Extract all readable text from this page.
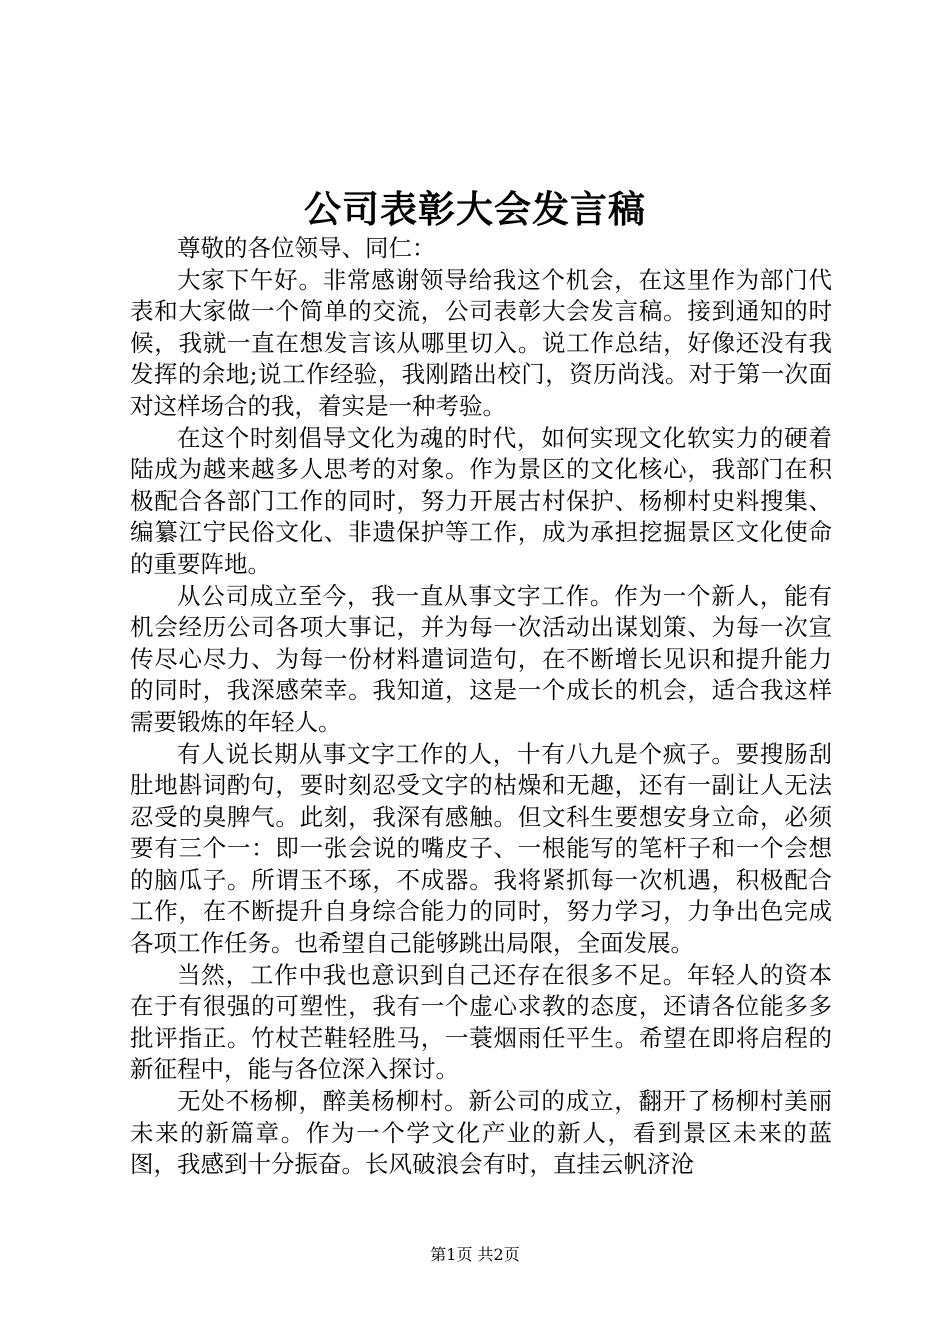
公司表彰大会发言稿

尊敬的各位领导、同仁：

大家下午好。非常感谢领导给我这个机会，在这里作为部门代表和大家做一个简单的交流，公司表彰大会发言稿。接到通知的时候，我就一直在想发言该从哪里切入。说工作总结，好像还没有我发挥的余地;说工作经验，我刚踏出校门，资历尚浅。对于第一次面对这样场合的我，着实是一种考验。

在这个时刻倡导文化为魂的时代，如何实现文化软实力的硬着陆成为越来越多人思考的对象。作为景区的文化核心，我部门在积极配合各部门工作的同时，努力开展古村保护、杨柳村史料搜集、编纂江宁民俗文化、非遗保护等工作，成为承担挖掘景区文化使命的重要阵地。

从公司成立至今，我一直从事文字工作。作为一个新人，能有机会经历公司各项大事记，并为每一次活动出谋划策、为每一次宣传尽心尽力、为每一份材料遣词造句，在不断增长见识和提升能力的同时，我深感荣幸。我知道，这是一个成长的机会，适合我这样需要锻炼的年轻人。

有人说长期从事文字工作的人，十有八九是个疯子。要搜肠刮肚地斟词酌句，要时刻忍受文字的枯燥和无趣，还有一副让人无法忍受的臭脾气。此刻，我深有感触。但文科生要想安身立命，必须要有三个一：即一张会说的嘴皮子、一根能写的笔杆子和一个会想的脑瓜子。所谓玉不琢，不成器。我将紧抓每一次机遇，积极配合工作，在不断提升自身综合能力的同时，努力学习，力争出色完成各项工作任务。也希望自己能够跳出局限，全面发展。

当然，工作中我也意识到自己还存在很多不足。年轻人的资本在于有很强的可塑性，我有一个虚心求教的态度，还请各位能多多批评指正。竹杖芒鞋轻胜马，一蓑烟雨任平生。希望在即将启程的新征程中，能与各位深入探讨。

无处不杨柳，醉美杨柳村。新公司的成立，翻开了杨柳村美丽未来的新篇章。作为一个学文化产业的新人，看到景区未来的蓝图，我感到十分振奋。长风破浪会有时，直挂云帆济沧

第1页 共2页
